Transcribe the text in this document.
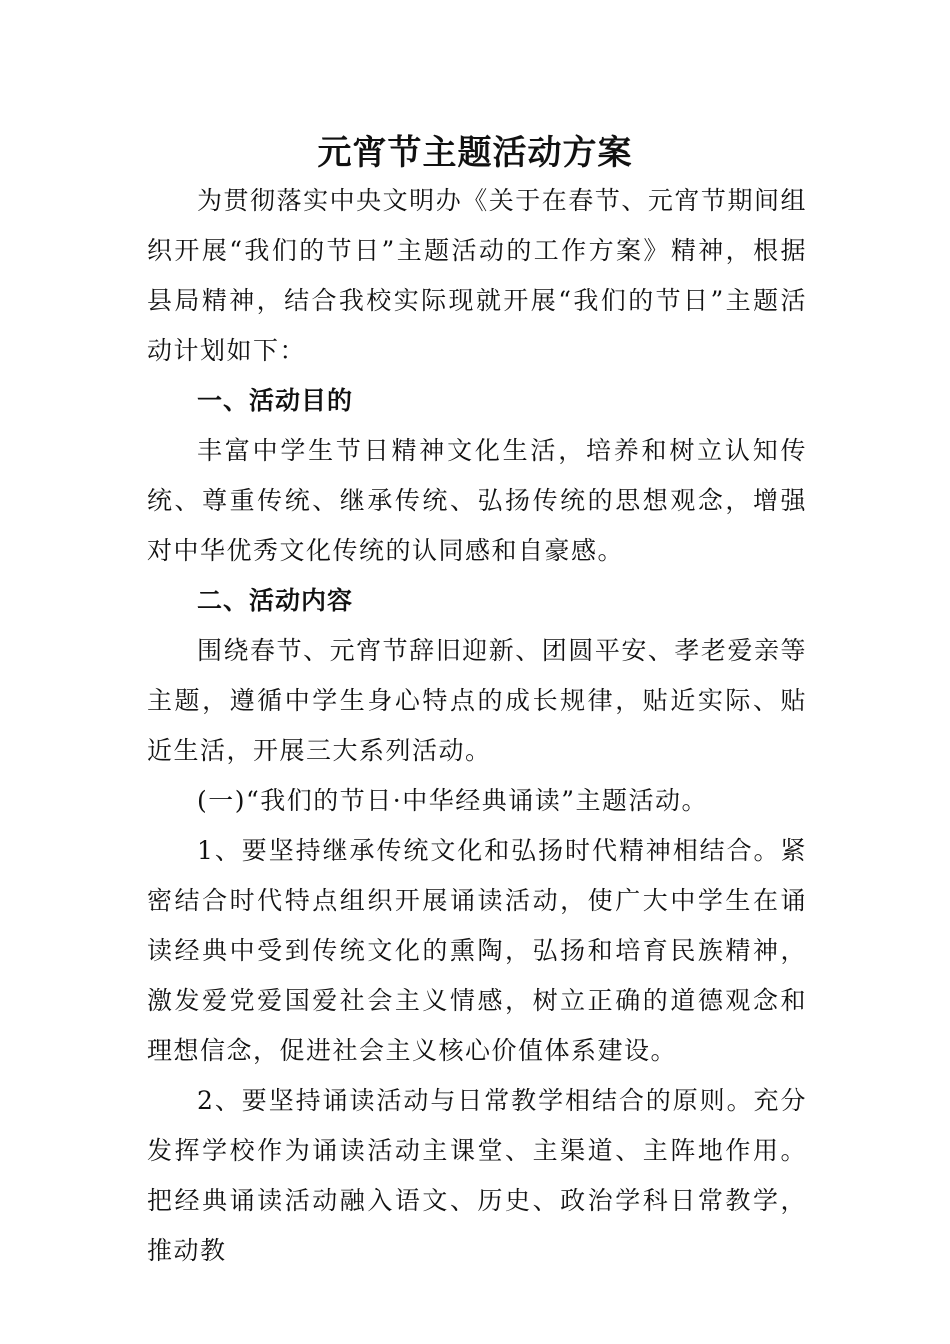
元宵节主题活动方案

为贯彻落实中央文明办《关于在春节、元宵节期间组织开展“我们的节日”主题活动的工作方案》精神，根据县局精神，结合我校实际现就开展“我们的节日”主题活动计划如下：

一、活动目的

丰富中学生节日精神文化生活，培养和树立认知传统、尊重传统、继承传统、弘扬传统的思想观念，增强对中华优秀文化传统的认同感和自豪感。

二、活动内容

围绕春节、元宵节辞旧迎新、团圆平安、孝老爱亲等主题，遵循中学生身心特点的成长规律，贴近实际、贴近生活，开展三大系列活动。

(一)“我们的节日·中华经典诵读”主题活动。

1、要坚持继承传统文化和弘扬时代精神相结合。紧密结合时代特点组织开展诵读活动，使广大中学生在诵读经典中受到传统文化的熏陶，弘扬和培育民族精神，激发爱党爱国爱社会主义情感，树立正确的道德观念和理想信念，促进社会主义核心价值体系建设。

2、要坚持诵读活动与日常教学相结合的原则。充分发挥学校作为诵读活动主课堂、主渠道、主阵地作用。把经典诵读活动融入语文、历史、政治学科日常教学，推动教
